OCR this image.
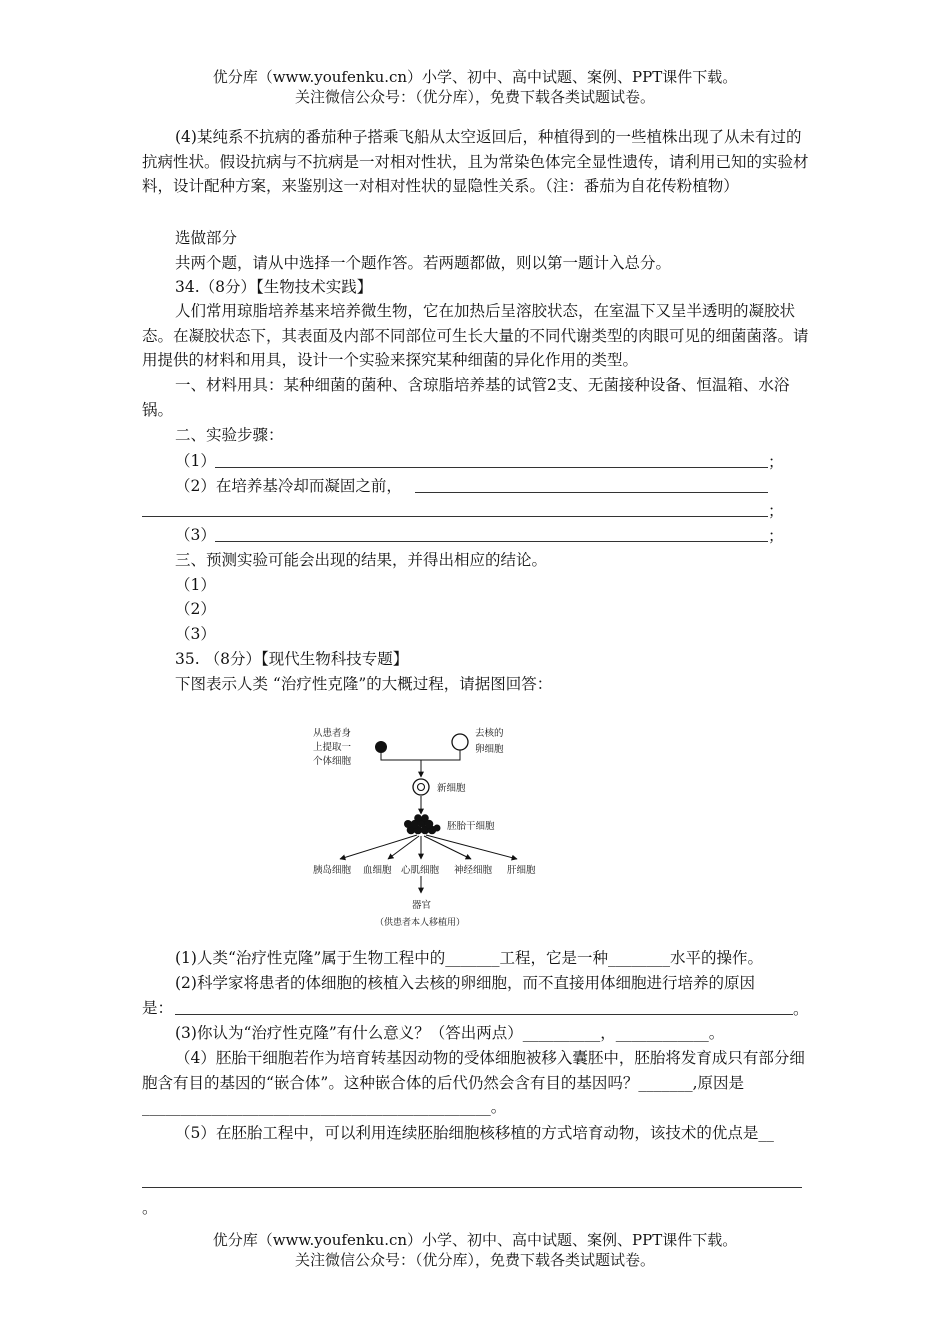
优分库（www.youfenku.cn）小学、初中、高中试题、案例、PPT课件下载。
关注微信公众号：（优分库），免费下载各类试题试卷。

(4)某纯系不抗病的番茄种子搭乘飞船从太空返回后，种植得到的一些植株出现了从未有过的抗病性状。假设抗病与不抗病是一对相对性状，且为常染色体完全显性遗传，请利用已知的实验材料，设计配种方案，来鉴别这一对相对性状的显隐性关系。（注：番茄为自花传粉植物）

选做部分
共两个题，请从中选择一个题作答。若两题都做，则以第一题计入总分。
34.（8分）【生物技术实践】

人们常用琼脂培养基来培养微生物，它在加热后呈溶胶状态，在室温下又呈半透明的凝胶状态。在凝胶状态下，其表面及内部不同部位可生长大量的不同代谢类型的肉眼可见的细菌菌落。请用提供的材料和用具，设计一个实验来探究某种细菌的异化作用的类型。

一、材料用具：某种细菌的菌种、含琼脂培养基的试管2支、无菌接种设备、恒温箱、水浴锅。

二、实验步骤：
（1）	；
（2）在培养基冷却而凝固之前，
；
（3）	；
三、预测实验可能会出现的结果，并得出相应的结论。
（1）
（2）
（3）
35. （8分）【现代生物科技专题】
下图表示人类 “治疗性克隆”的大概过程，请据图回答：
从患者身
上提取一
个体细胞
去核的
卵细胞
新细胞
胚胎干细胞
胰岛细胞 血细胞 心肌细胞 神经细胞 肝细胞
器官
（供患者本人移植用）
(1)人类“治疗性克隆”属于生物工程中的_______工程，它是一种________水平的操作。
(2)科学家将患者的体细胞的核植入去核的卵细胞，而不直接用体细胞进行培养的原因
是：	。
(3)你认为“治疗性克隆”有什么意义？（答出两点）__________，____________。

（4）胚胎干细胞若作为培育转基因动物的受体细胞被移入囊胚中，胚胎将发育成只有部分细胞含有目的基因的“嵌合体”。这种嵌合体的后代仍然会含有目的基因吗？_______,原因是_____________________________________________。

（5）在胚胎工程中，可以利用连续胚胎细胞核移植的方式培育动物，该技术的优点是__
。
优分库（www.youfenku.cn）小学、初中、高中试题、案例、PPT课件下载。
关注微信公众号：（优分库），免费下载各类试题试卷。
